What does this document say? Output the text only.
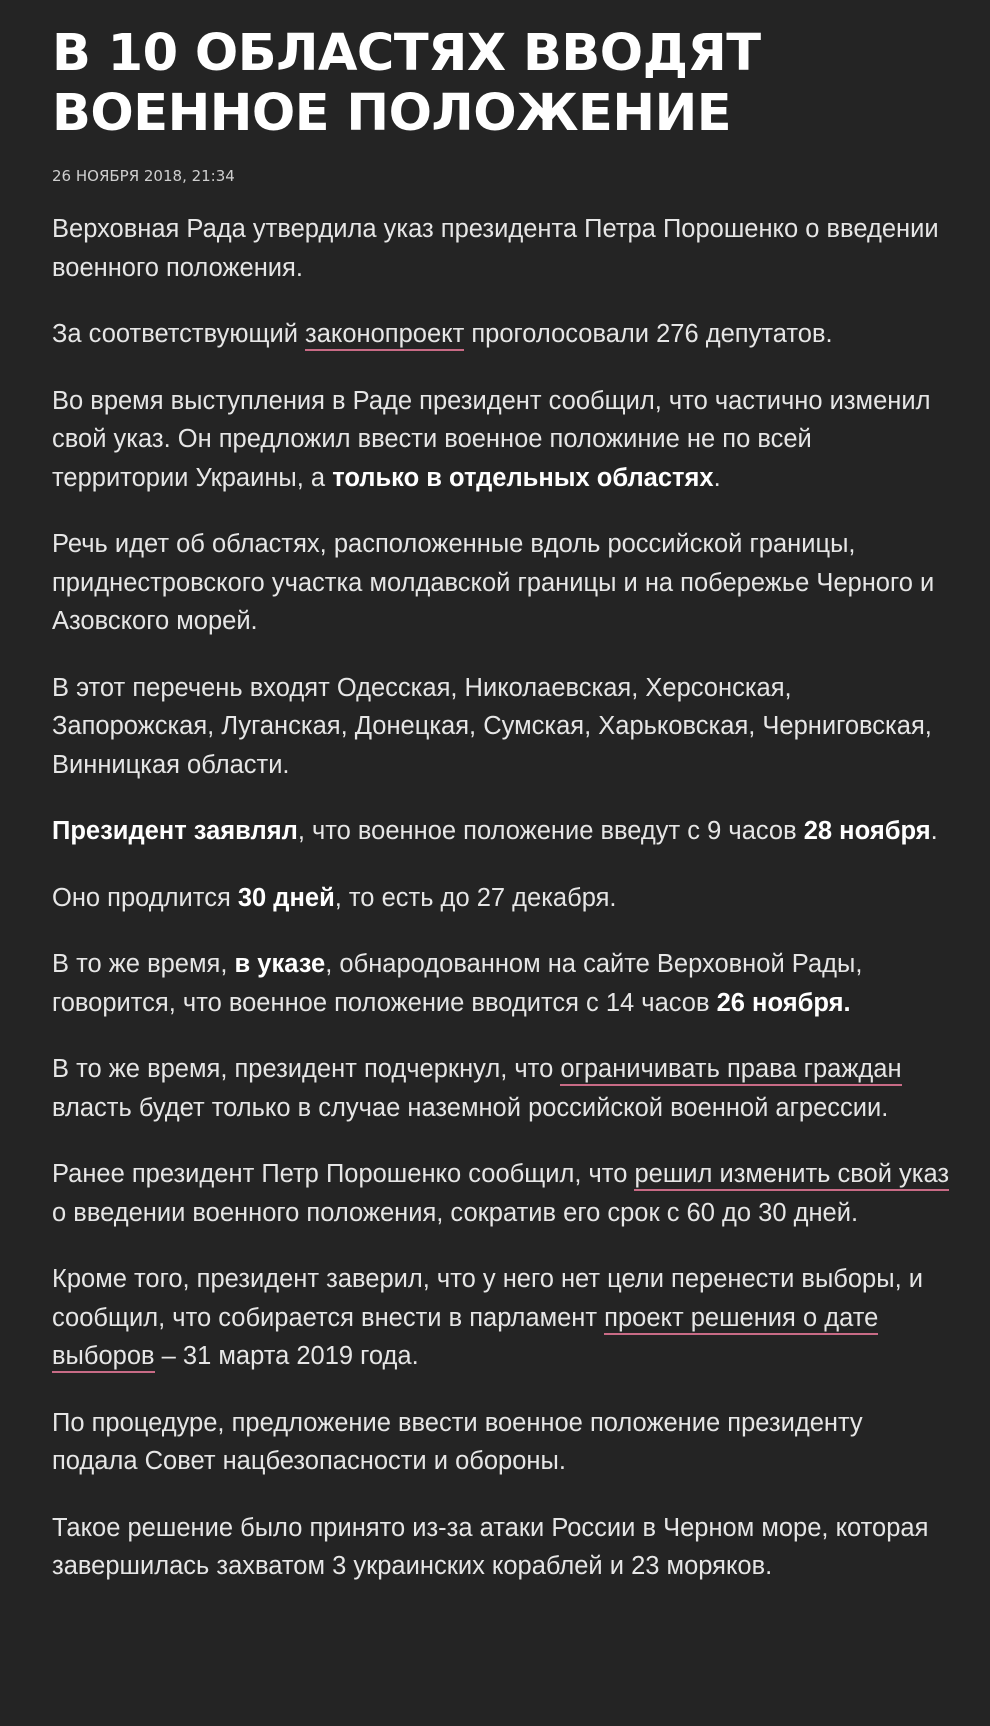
В 10 ОБЛАСТЯХ ВВОДЯТ ВОЕННОЕ ПОЛОЖЕНИЕ
26 НОЯБРЯ 2018, 21:34

Верховная Рада утвердила указ президента Петра Порошенко о введении военного положения.

За соответствующий законопроект проголосовали 276 депутатов.

Во время выступления в Раде президент сообщил, что частично изменил свой указ. Он предложил ввести военное положиние не по всей территории Украины, а только в отдельных областях.

Речь идет об областях, расположенные вдоль российской границы, приднестровского участка молдавской границы и на побережье Черного и Азовского морей.

В этот перечень входят Одесская, Николаевская, Херсонская, Запорожская, Луганская, Донецкая, Сумская, Харьковская, Черниговская, Винницкая области.

Президент заявлял, что военное положение введут с 9 часов 28 ноября.

Оно продлится 30 дней, то есть до 27 декабря.

В то же время, в указе, обнародованном на сайте Верховной Рады, говорится, что военное положение вводится с 14 часов 26 ноября.

В то же время, президент подчеркнул, что ограничивать права граждан власть будет только в случае наземной российской военной агрессии.

Ранее президент Петр Порошенко сообщил, что решил изменить свой указ о введении военного положения, сократив его срок с 60 до 30 дней.

Кроме того, президент заверил, что у него нет цели перенести выборы, и сообщил, что собирается внести в парламент проект решения о дате выборов – 31 марта 2019 года.

По процедуре, предложение ввести военное положение президенту подала Совет нацбезопасности и обороны.

Такое решение было принято из-за атаки России в Черном море, которая завершилась захватом 3 украинских кораблей и 23 моряков.
